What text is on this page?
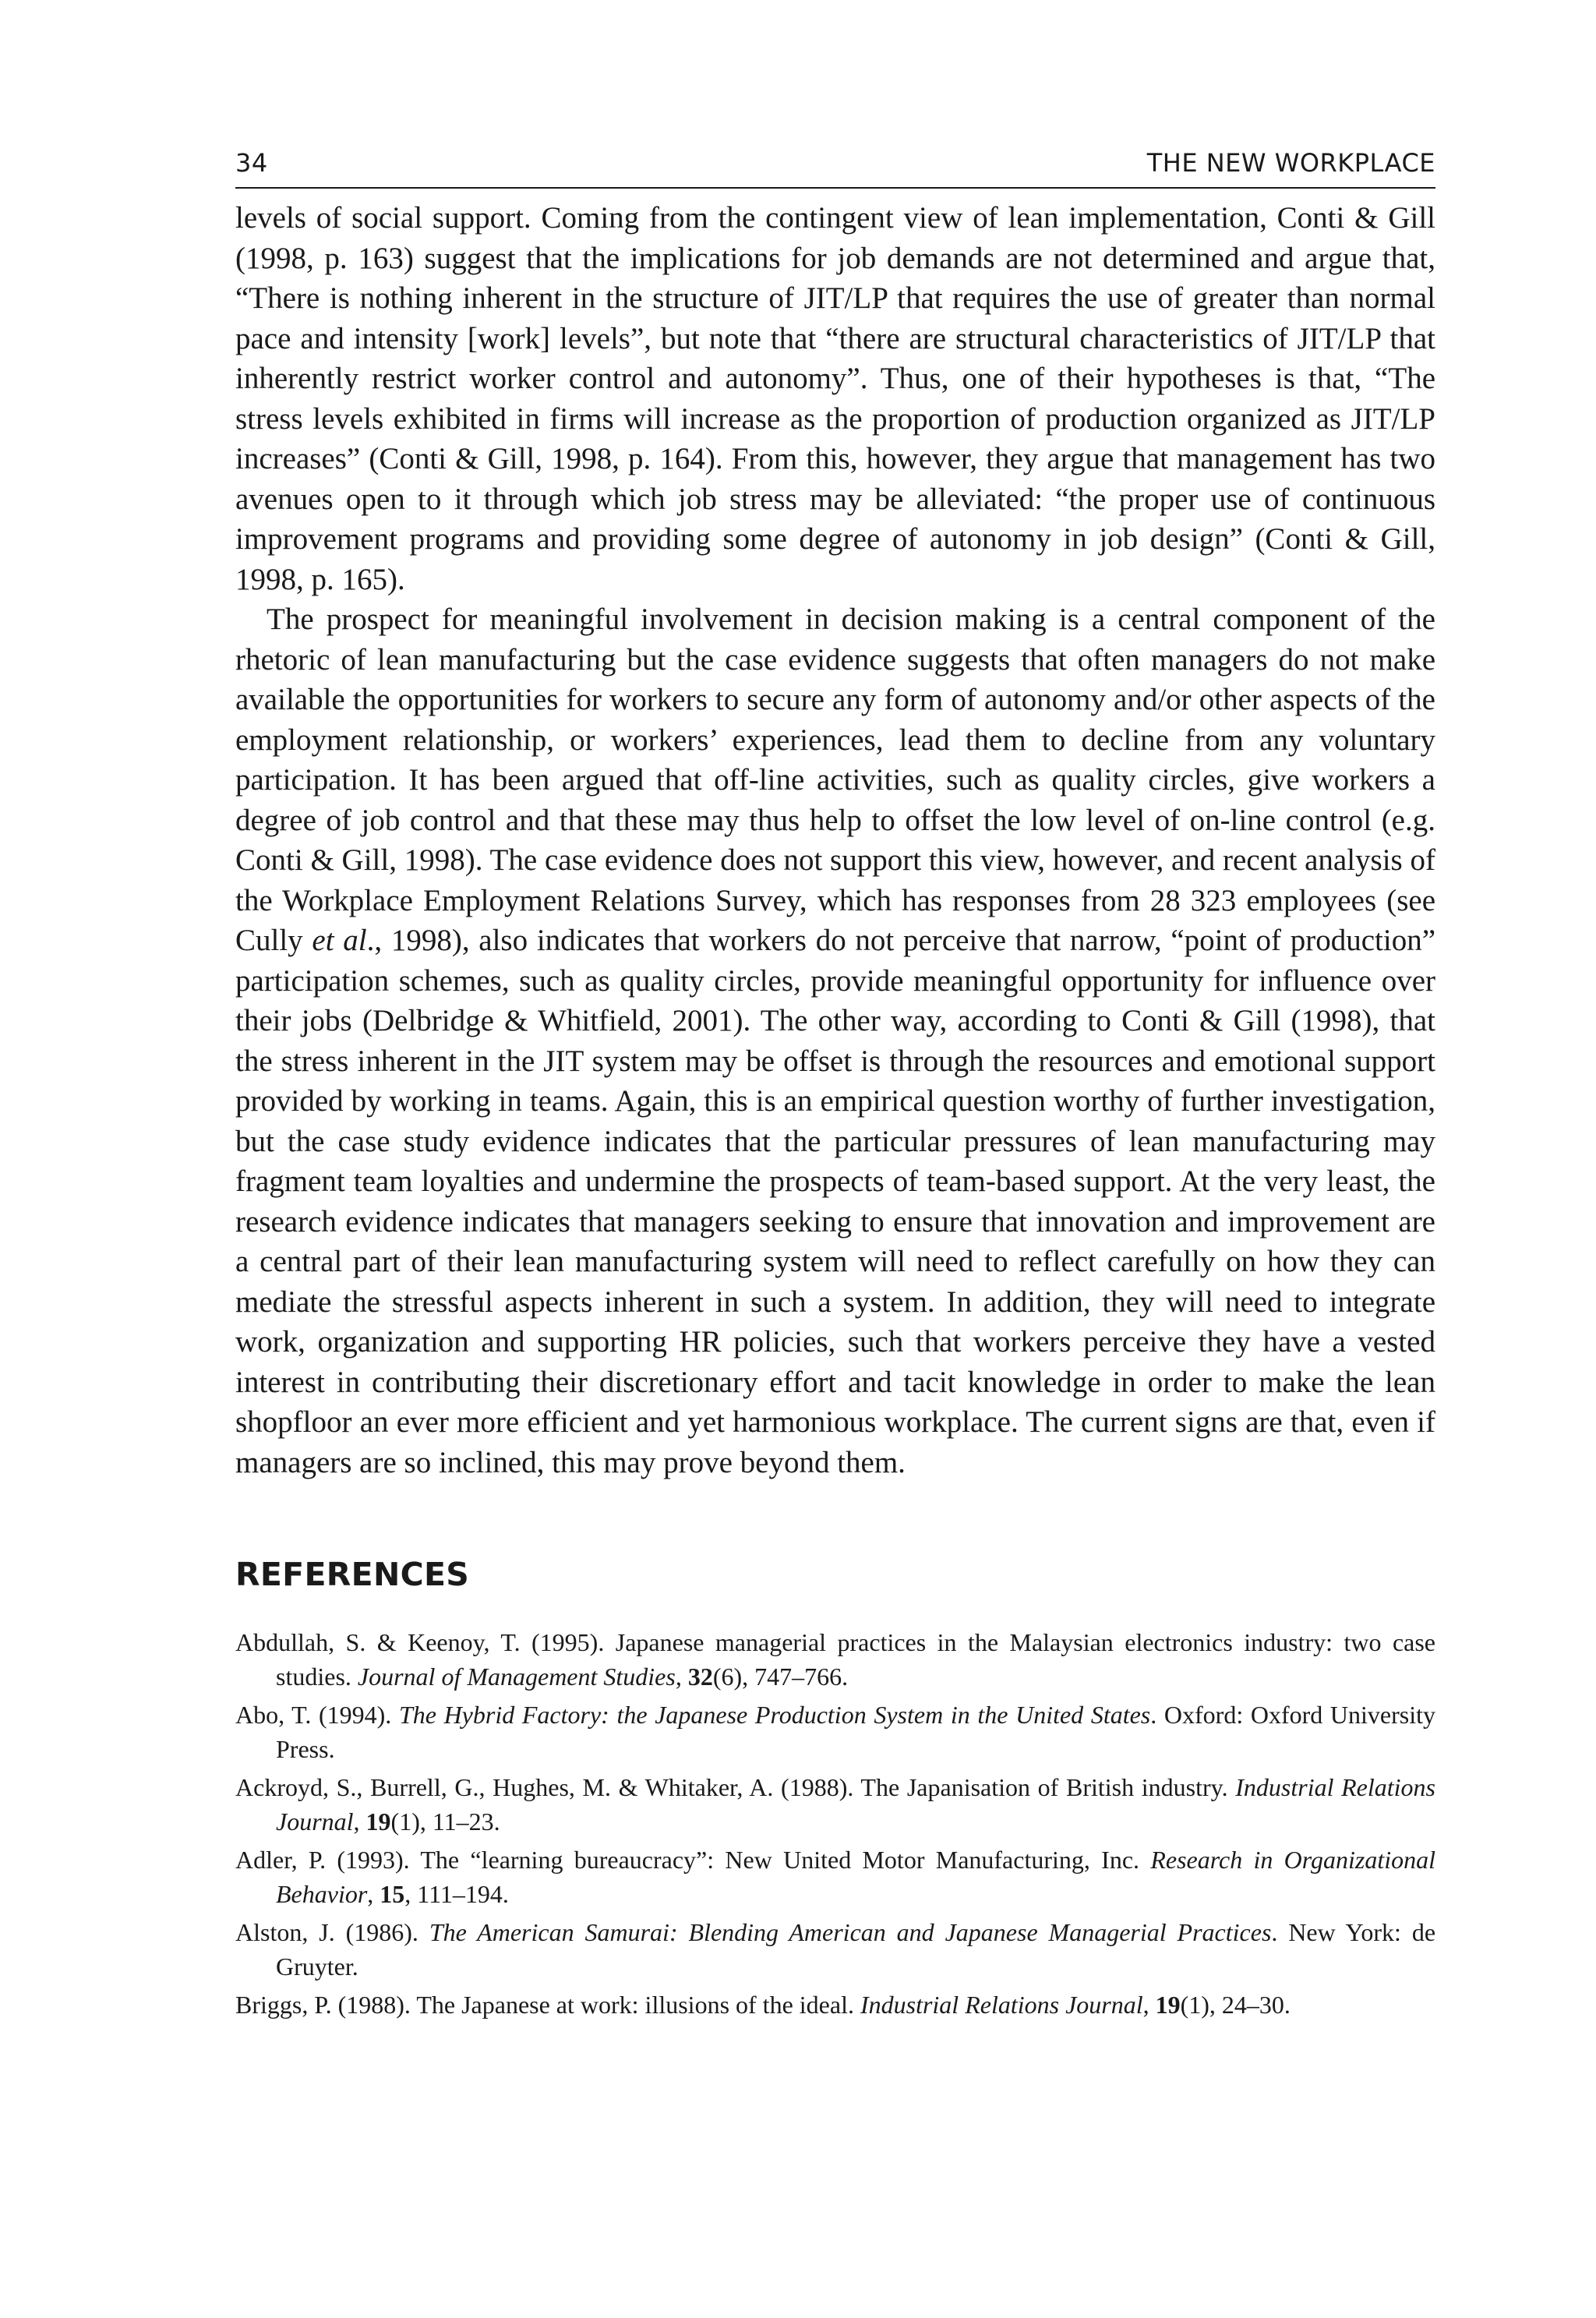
34	THE NEW WORKPLACE

levels of social support. Coming from the contingent view of lean implementation, Conti & Gill (1998, p. 163) suggest that the implications for job demands are not determined and argue that, “There is nothing inherent in the structure of JIT/LP that requires the use of greater than normal pace and intensity [work] levels”, but note that “there are structural characteristics of JIT/LP that inherently restrict worker control and autonomy”. Thus, one of their hypotheses is that, “The stress levels exhibited in firms will increase as the proportion of production organized as JIT/LP increases” (Conti & Gill, 1998, p. 164). From this, however, they argue that management has two avenues open to it through which job stress may be alleviated: “the proper use of continuous improvement programs and providing some degree of autonomy in job design” (Conti & Gill, 1998, p. 165).

The prospect for meaningful involvement in decision making is a central component of the rhetoric of lean manufacturing but the case evidence suggests that often managers do not make available the opportunities for workers to secure any form of autonomy and/or other aspects of the employment relationship, or workers’ experiences, lead them to decline from any voluntary participation. It has been argued that off-line activities, such as quality circles, give workers a degree of job control and that these may thus help to offset the low level of on-line control (e.g. Conti & Gill, 1998). The case evidence does not support this view, however, and recent analysis of the Workplace Employment Relations Survey, which has responses from 28 323 employees (see Cully et al., 1998), also indicates that workers do not perceive that narrow, “point of production” participation schemes, such as quality circles, provide meaningful opportunity for influence over their jobs (Delbridge & Whitfield, 2001). The other way, according to Conti & Gill (1998), that the stress inherent in the JIT system may be offset is through the resources and emotional support provided by working in teams. Again, this is an empirical question worthy of further investigation, but the case study evidence indicates that the particular pressures of lean manufacturing may fragment team loyalties and undermine the prospects of team-based support. At the very least, the research evidence indicates that managers seeking to ensure that innovation and improvement are a central part of their lean manufacturing system will need to reflect carefully on how they can mediate the stressful aspects inherent in such a system. In addition, they will need to integrate work, organization and supporting HR policies, such that workers perceive they have a vested interest in contributing their discretionary effort and tacit knowledge in order to make the lean shopfloor an ever more efficient and yet harmonious workplace. The current signs are that, even if managers are so inclined, this may prove beyond them.

REFERENCES

Abdullah, S. & Keenoy, T. (1995). Japanese managerial practices in the Malaysian electronics industry: two case studies. Journal of Management Studies, 32(6), 747–766.

Abo, T. (1994). The Hybrid Factory: the Japanese Production System in the United States. Oxford: Oxford University Press.

Ackroyd, S., Burrell, G., Hughes, M. & Whitaker, A. (1988). The Japanisation of British industry. Industrial Relations Journal, 19(1), 11–23.

Adler, P. (1993). The “learning bureaucracy”: New United Motor Manufacturing, Inc. Research in Organizational Behavior, 15, 111–194.

Alston, J. (1986). The American Samurai: Blending American and Japanese Managerial Practices. New York: de Gruyter.

Briggs, P. (1988). The Japanese at work: illusions of the ideal. Industrial Relations Journal, 19(1), 24–30.
